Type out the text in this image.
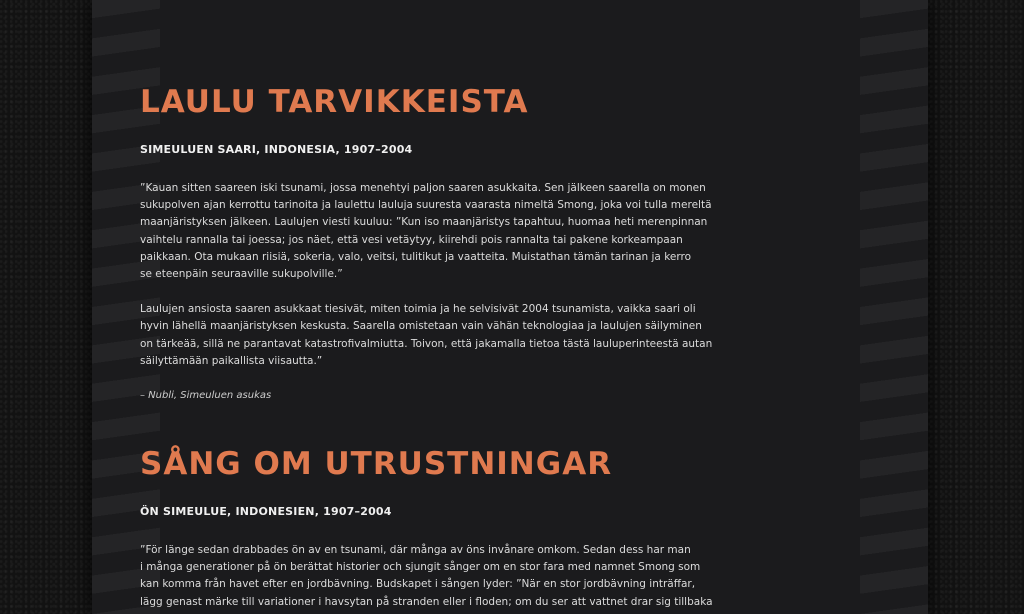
LAULU TARVIKKEISTA
SIMEULUEN SAARI, INDONESIA, 1907–2004

”Kauan sitten saareen iski tsunami, jossa menehtyi paljon saaren asukkaita. Sen jälkeen saarella on monen
sukupolven ajan kerrottu tarinoita ja laulettu lauluja suuresta vaarasta nimeltä Smong, joka voi tulla mereltä
maanjäristyksen jälkeen. Laulujen viesti kuuluu: ”Kun iso maanjäristys tapahtuu, huomaa heti merenpinnan
vaihtelu rannalla tai joessa; jos näet, että vesi vetäytyy, kiirehdi pois rannalta tai pakene korkeampaan
paikkaan. Ota mukaan riisiä, sokeria, valo, veitsi, tulitikut ja vaatteita. Muistathan tämän tarinan ja kerro
se eteenpäin seuraaville sukupolville.”

Laulujen ansiosta saaren asukkaat tiesivät, miten toimia ja he selvisivät 2004 tsunamista, vaikka saari oli
hyvin lähellä maanjäristyksen keskusta. Saarella omistetaan vain vähän teknologiaa ja laulujen säilyminen
on tärkeää, sillä ne parantavat katastrofivalmiutta. Toivon, että jakamalla tietoa tästä lauluperinteestä autan
säilyttämään paikallista viisautta.”

– Nubli, Simeuluen asukas

SÅNG OM UTRUSTNINGAR
ÖN SIMEULUE, INDONESIEN, 1907–2004

”För länge sedan drabbades ön av en tsunami, där många av öns invånare omkom. Sedan dess har man
i många generationer på ön berättat historier och sjungit sånger om en stor fara med namnet Smong som
kan komma från havet efter en jordbävning. Budskapet i sången lyder: ”När en stor jordbävning inträffar,
lägg genast märke till variationer i havsytan på stranden eller i floden; om du ser att vattnet drar sig tillbaka
